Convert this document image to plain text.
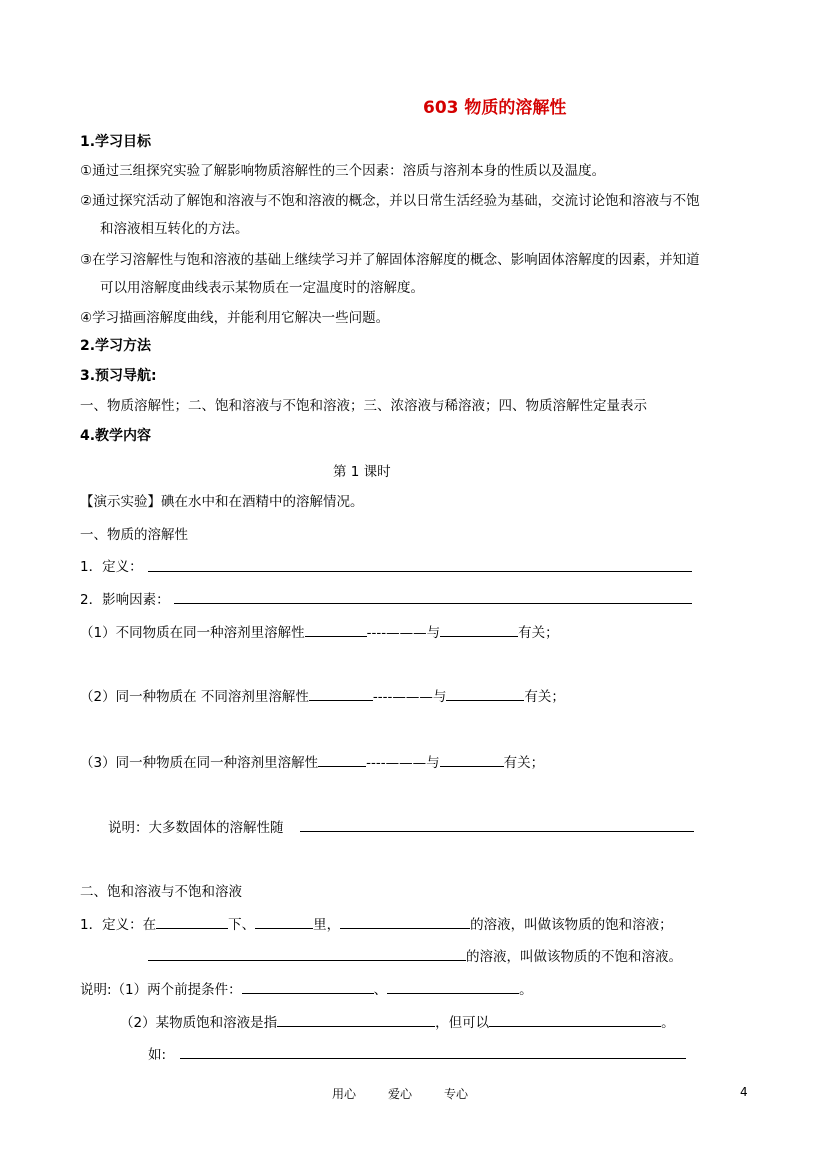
603 物质的溶解性
1.学习目标
①通过三组探究实验了解影响物质溶解性的三个因素：溶质与溶剂本身的性质以及温度。
②通过探究活动了解饱和溶液与不饱和溶液的概念，并以日常生活经验为基础，交流讨论饱和溶液与不饱
和溶液相互转化的方法。
③在学习溶解性与饱和溶液的基础上继续学习并了解固体溶解度的概念、影响固体溶解度的因素，并知道
可以用溶解度曲线表示某物质在一定温度时的溶解度。
④学习描画溶解度曲线，并能利用它解决一些问题。
2.学习方法
3.预习导航:
一、物质溶解性；二、饱和溶液与不饱和溶液；三、浓溶液与稀溶液；四、物质溶解性定量表示
4.教学内容
第 1 课时
【演示实验】碘在水中和在酒精中的溶解情况。
一、物质的溶解性
1．定义：
2．影响因素：
（1）不同物质在同一种溶剂里溶解性	----———与	有关；
（2）同一种物质在 不同溶剂里溶解性	----———与	有关；
（3）同一种物质在同一种溶剂里溶解性	----———与	有关；
说明：大多数固体的溶解性随
二、饱和溶液与不饱和溶液
1．定义：在	下、	里，	的溶液，叫做该物质的饱和溶液；
的溶液，叫做该物质的不饱和溶液。
说明:（1）两个前提条件：	、	。
（2）某物质饱和溶液是指	，但可以	。
如:
用心	爱心	专心	4
